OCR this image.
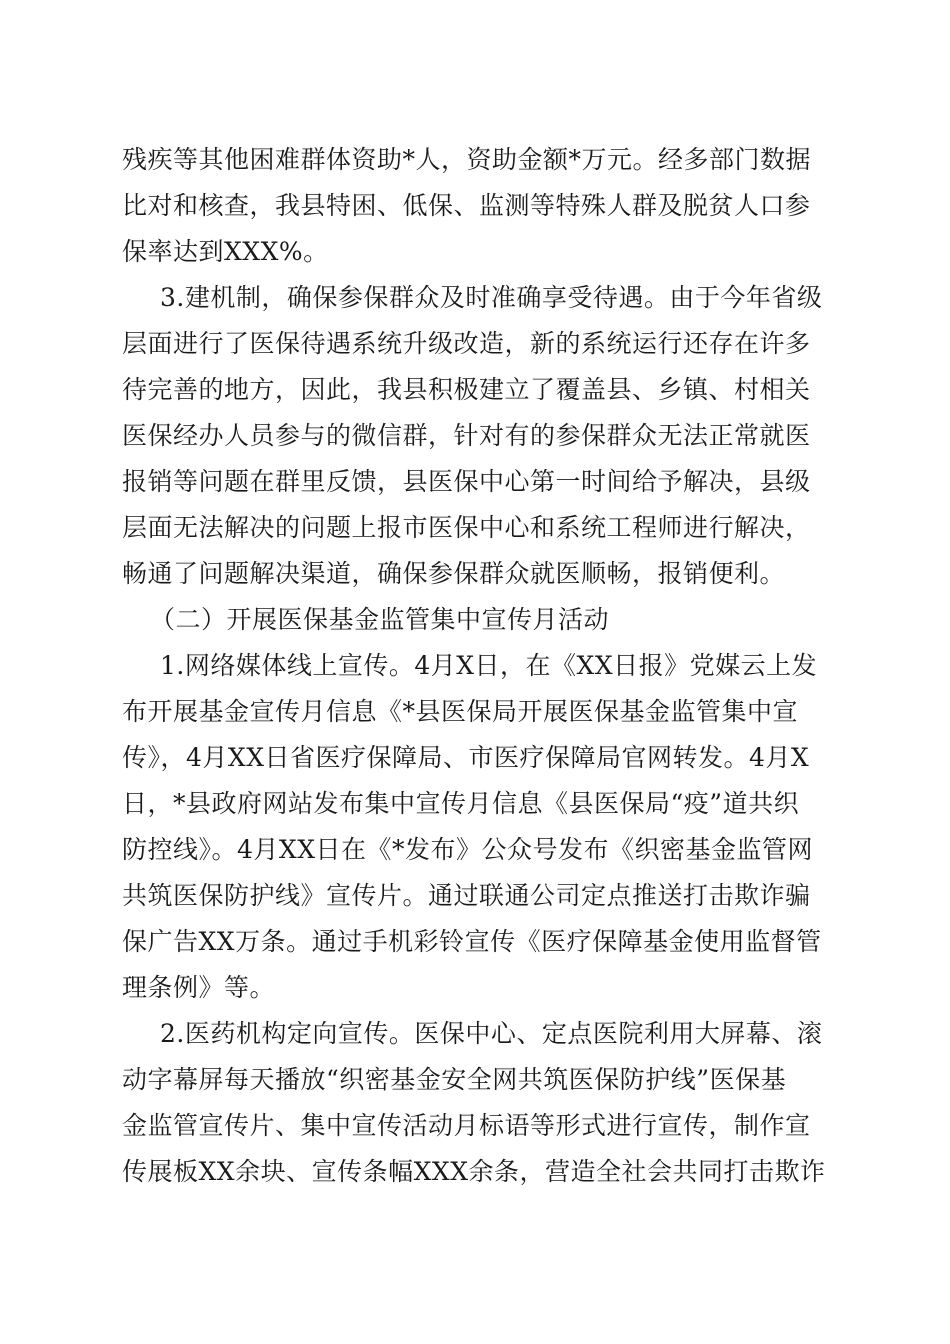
残疾等其他困难群体资助*人，资助金额*万元。经多部门数据
比对和核查，我县特困、低保、监测等特殊人群及脱贫人口参
保率达到XXX%。
3.建机制，确保参保群众及时准确享受待遇。由于今年省级
层面进行了医保待遇系统升级改造，新的系统运行还存在许多
待完善的地方，因此，我县积极建立了覆盖县、乡镇、村相关
医保经办人员参与的微信群，针对有的参保群众无法正常就医
报销等问题在群里反馈，县医保中心第一时间给予解决，县级
层面无法解决的问题上报市医保中心和系统工程师进行解决，
畅通了问题解决渠道，确保参保群众就医顺畅，报销便利。
（二）开展医保基金监管集中宣传月活动
1.网络媒体线上宣传。4月X日，在《XX日报》党媒云上发
布开展基金宣传月信息《*县医保局开展医保基金监管集中宣
传》，4月XX日省医疗保障局、市医疗保障局官网转发。4月X
日，*县政府网站发布集中宣传月信息《县医保局“疫”道共织
防控线》。4月XX日在《*发布》公众号发布《织密基金监管网
共筑医保防护线》宣传片。通过联通公司定点推送打击欺诈骗
保广告XX万条。通过手机彩铃宣传《医疗保障基金使用监督管
理条例》等。
2.医药机构定向宣传。医保中心、定点医院利用大屏幕、滚
动字幕屏每天播放“织密基金安全网共筑医保防护线”医保基
金监管宣传片、集中宣传活动月标语等形式进行宣传，制作宣
传展板XX余块、宣传条幅XXX余条，营造全社会共同打击欺诈
